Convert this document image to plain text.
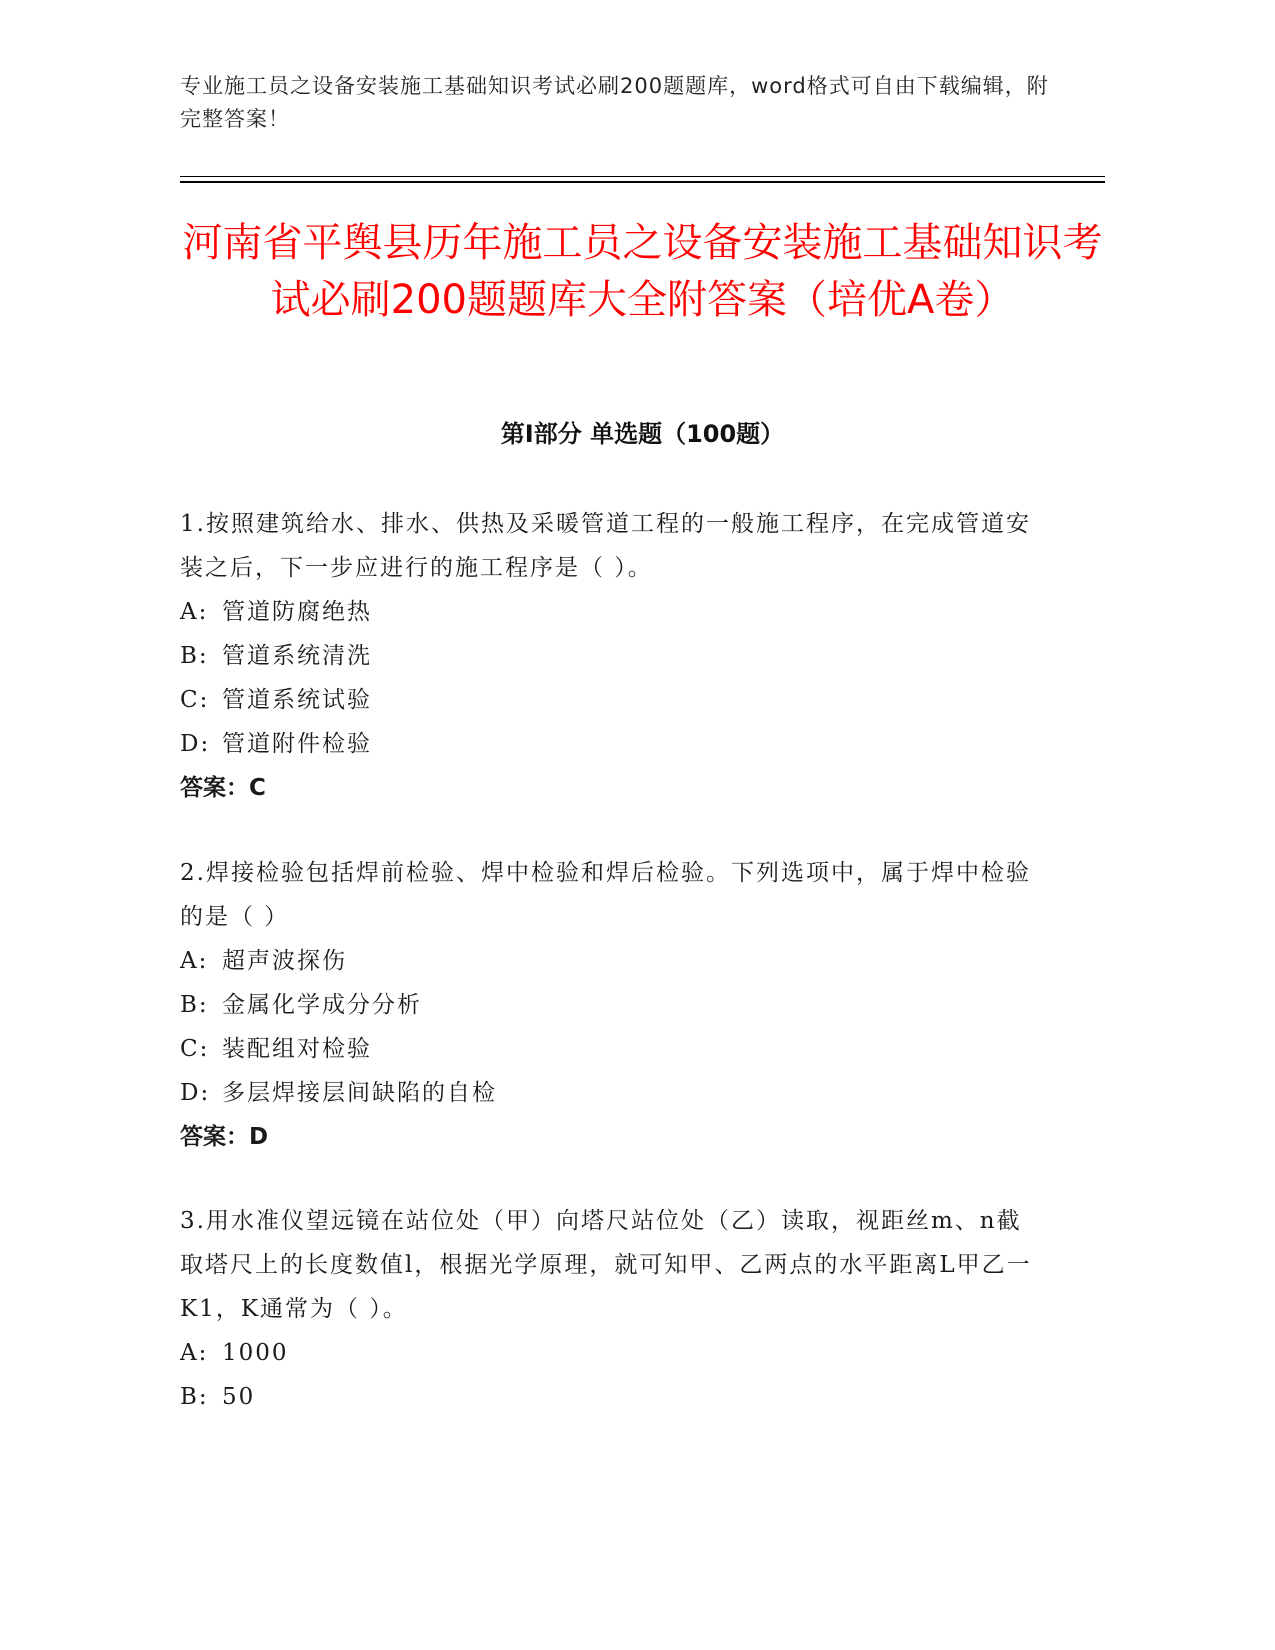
专业施工员之设备安装施工基础知识考试必刷200题题库，word格式可自由下载编辑，附完整答案！
河南省平舆县历年施工员之设备安装施工基础知识考试必刷200题题库大全附答案（培优A卷）
第I部分 单选题（100题）

1.按照建筑给水、排水、供热及采暖管道工程的一般施工程序，在完成管道安装之后，下一步应进行的施工程序是（ ）。

A: 管道防腐绝热

B: 管道系统清洗

C: 管道系统试验

D: 管道附件检验

答案：C

2.焊接检验包括焊前检验、焊中检验和焊后检验。下列选项中，属于焊中检验的是（ ）

A: 超声波探伤

B: 金属化学成分分析

C: 装配组对检验

D: 多层焊接层间缺陷的自检

答案：D

3.用水准仪望远镜在站位处（甲）向塔尺站位处（乙）读取，视距丝m、n截取塔尺上的长度数值l，根据光学原理，就可知甲、乙两点的水平距离L甲乙一K1，K通常为（ ）。

A: 1000

B: 50
